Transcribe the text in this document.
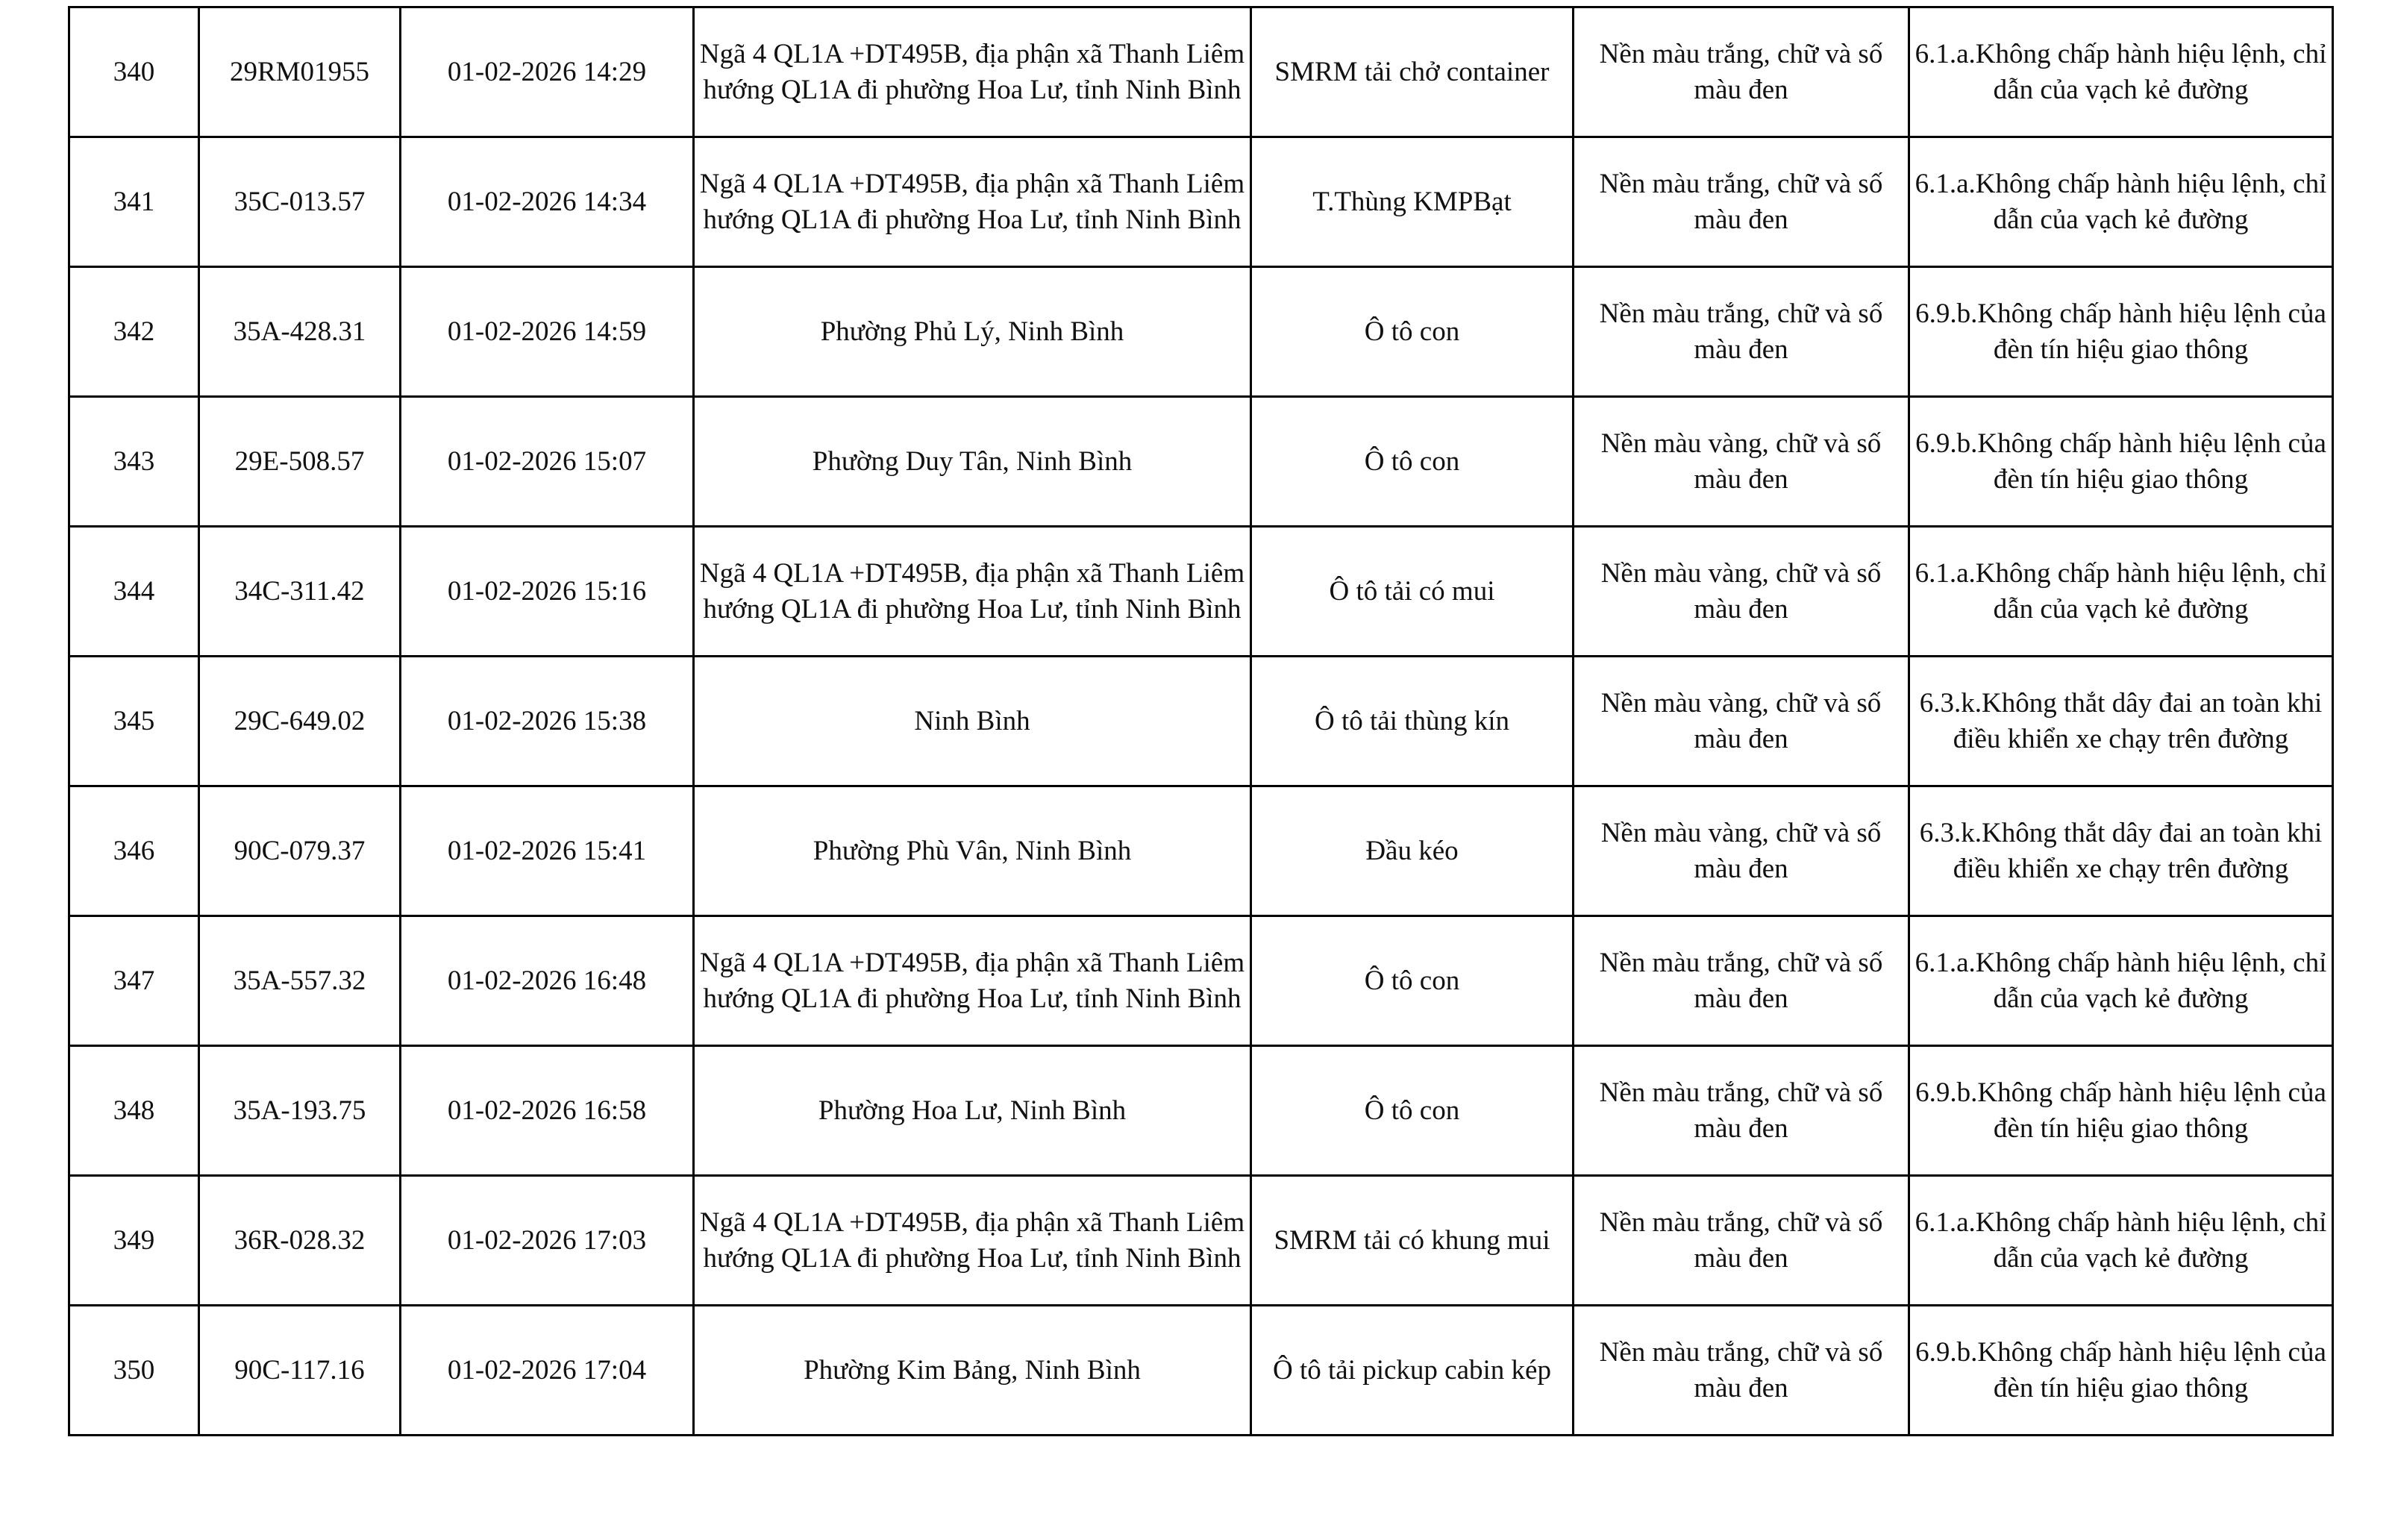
340	29RM01955	01-02-2026 14:29	Ngã 4 QL1A +DT495B, địa phận xã Thanh Liêm hướng QL1A đi phường Hoa Lư, tỉnh Ninh Bình	SMRM tải chở container	Nền màu trắng, chữ và số màu đen	6.1.a.Không chấp hành hiệu lệnh, chỉ dẫn của vạch kẻ đường
341	35C-013.57	01-02-2026 14:34	Ngã 4 QL1A +DT495B, địa phận xã Thanh Liêm hướng QL1A đi phường Hoa Lư, tỉnh Ninh Bình	T.Thùng KMPBạt	Nền màu trắng, chữ và số màu đen	6.1.a.Không chấp hành hiệu lệnh, chỉ dẫn của vạch kẻ đường
342	35A-428.31	01-02-2026 14:59	Phường Phủ Lý, Ninh Bình	Ô tô con	Nền màu trắng, chữ và số màu đen	6.9.b.Không chấp hành hiệu lệnh của đèn tín hiệu giao thông
343	29E-508.57	01-02-2026 15:07	Phường Duy Tân, Ninh Bình	Ô tô con	Nền màu vàng, chữ và số màu đen	6.9.b.Không chấp hành hiệu lệnh của đèn tín hiệu giao thông
344	34C-311.42	01-02-2026 15:16	Ngã 4 QL1A +DT495B, địa phận xã Thanh Liêm hướng QL1A đi phường Hoa Lư, tỉnh Ninh Bình	Ô tô tải có mui	Nền màu vàng, chữ và số màu đen	6.1.a.Không chấp hành hiệu lệnh, chỉ dẫn của vạch kẻ đường
345	29C-649.02	01-02-2026 15:38	Ninh Bình	Ô tô tải thùng kín	Nền màu vàng, chữ và số màu đen	6.3.k.Không thắt dây đai an toàn khi điều khiển xe chạy trên đường
346	90C-079.37	01-02-2026 15:41	Phường Phù Vân, Ninh Bình	Đầu kéo	Nền màu vàng, chữ và số màu đen	6.3.k.Không thắt dây đai an toàn khi điều khiển xe chạy trên đường
347	35A-557.32	01-02-2026 16:48	Ngã 4 QL1A +DT495B, địa phận xã Thanh Liêm hướng QL1A đi phường Hoa Lư, tỉnh Ninh Bình	Ô tô con	Nền màu trắng, chữ và số màu đen	6.1.a.Không chấp hành hiệu lệnh, chỉ dẫn của vạch kẻ đường
348	35A-193.75	01-02-2026 16:58	Phường Hoa Lư, Ninh Bình	Ô tô con	Nền màu trắng, chữ và số màu đen	6.9.b.Không chấp hành hiệu lệnh của đèn tín hiệu giao thông
349	36R-028.32	01-02-2026 17:03	Ngã 4 QL1A +DT495B, địa phận xã Thanh Liêm hướng QL1A đi phường Hoa Lư, tỉnh Ninh Bình	SMRM tải có khung mui	Nền màu trắng, chữ và số màu đen	6.1.a.Không chấp hành hiệu lệnh, chỉ dẫn của vạch kẻ đường
350	90C-117.16	01-02-2026 17:04	Phường Kim Bảng, Ninh Bình	Ô tô tải pickup cabin kép	Nền màu trắng, chữ và số màu đen	6.9.b.Không chấp hành hiệu lệnh của đèn tín hiệu giao thông
